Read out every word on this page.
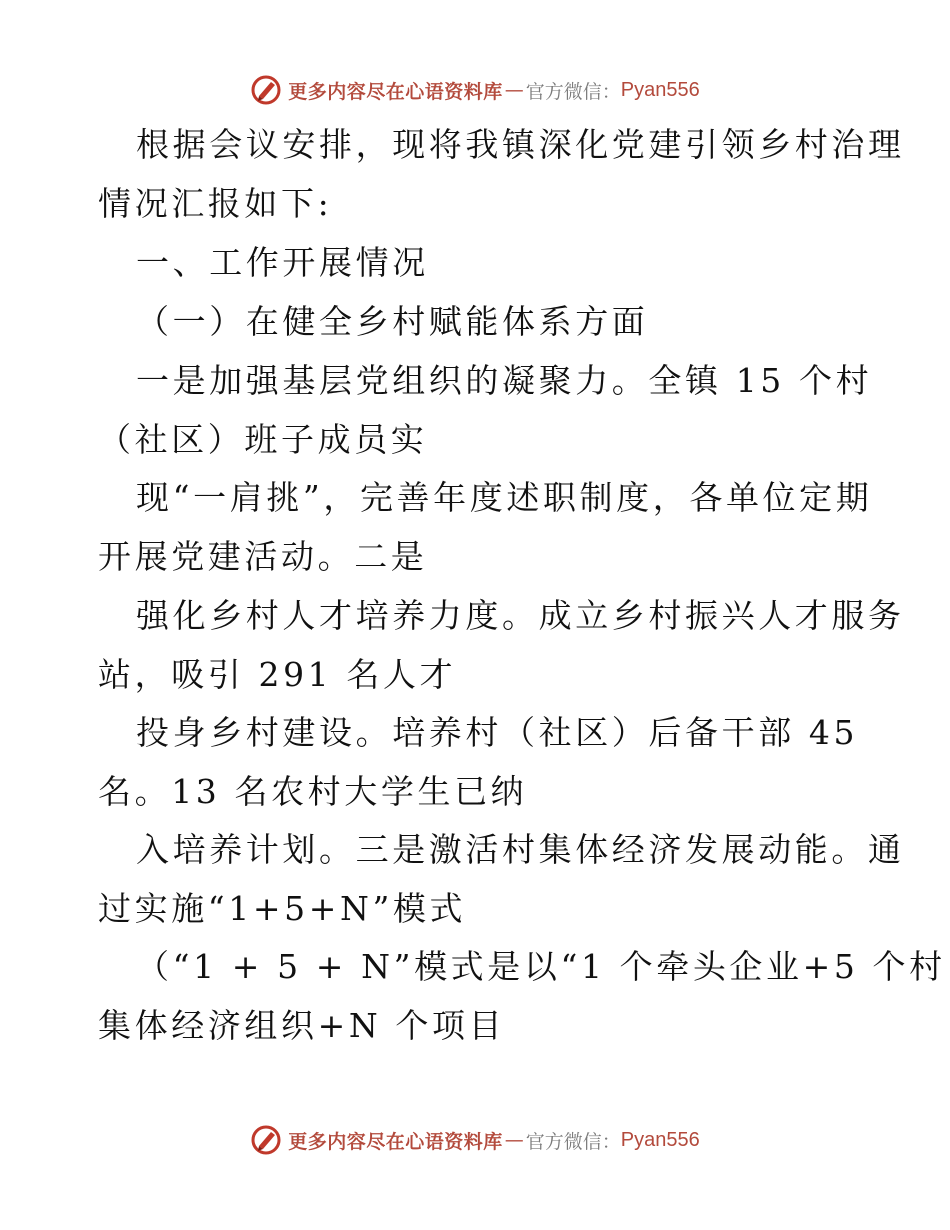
更多内容尽在心语资料库 — 官方微信： Pyan556
根据会议安排，现将我镇深化党建引领乡村治理
情况汇报如下:
一、工作开展情况
（一）在健全乡村赋能体系方面
一是加强基层党组织的凝聚力。全镇 15 个村
（社区）班子成员实
现“一肩挑”，完善年度述职制度，各单位定期
开展党建活动。二是
强化乡村人才培养力度。成立乡村振兴人才服务
站，吸引 291 名人才
投身乡村建设。培养村（社区）后备干部 45
名。13 名农村大学生已纳
入培养计划。三是激活村集体经济发展动能。通
过实施“1+5+N”模式
（“1 + 5 + N”模式是以“1 个牵头企业+5 个村
集体经济组织+N 个项目
更多内容尽在心语资料库 — 官方微信： Pyan556
